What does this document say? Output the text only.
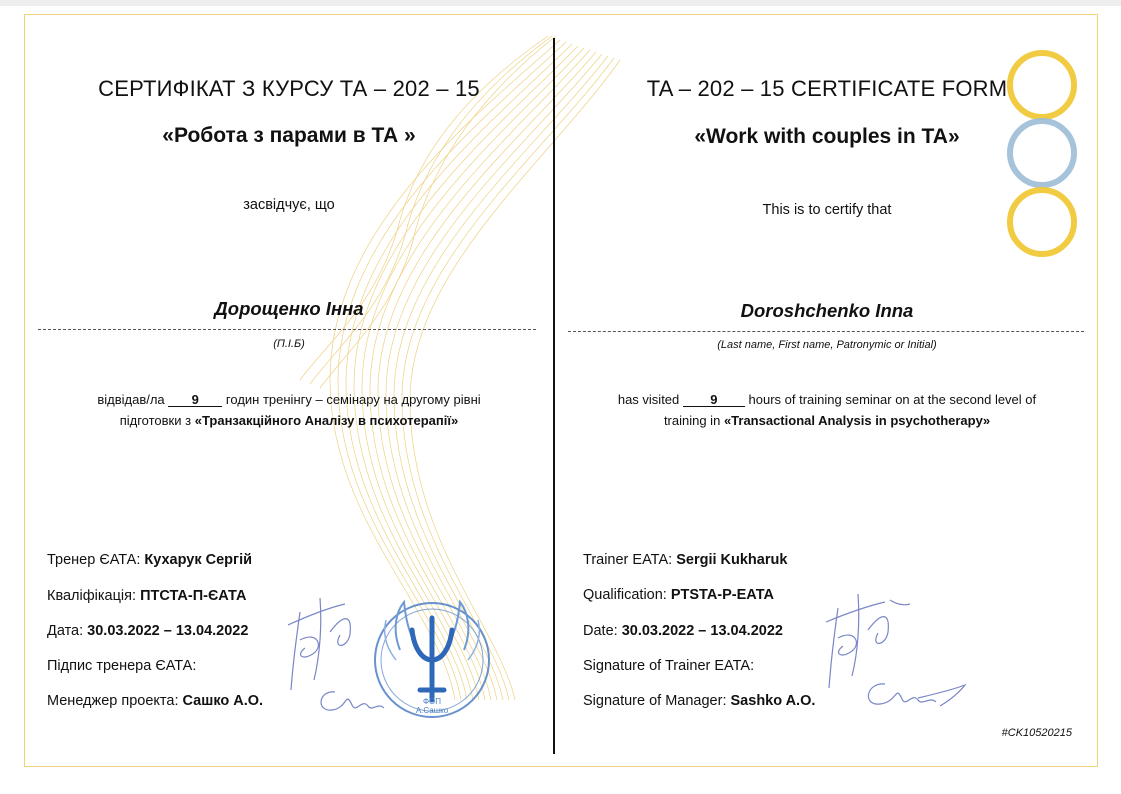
СЕРТИФІКАТ З КУРСУ ТА – 202 – 15
«Робота з парами в ТА »
засвідчує, що
Дорощенко Інна
(П.І.Б)
відвідав/ла 9 годин тренінгу – семінару на другому рівні
підготовки з «Транзакційного Аналізу в психотерапії»
Тренер ЄАТА: Кухарук Сергій
Кваліфікація: ПТСТА-П-ЄАТА
Дата: 30.03.2022 – 13.04.2022
Підпис тренера ЄАТА:
Менеджер проекта: Сашко А.О.	ФОП
А.Сашко
TA – 202 – 15 CERTIFICATE FORM
«Work with couples in TA»
This is to certify that
Doroshchenko Inna
(Last name, First name, Patronymic or Initial)
has visited 9 hours of training seminar on at the second level of
training in «Transactional Analysis in psychotherapy»
Trainer EATA: Sergii Kukharuk
Qualification: PTSTA-P-EATA
Date: 30.03.2022 – 13.04.2022
Signature of Trainer EATA:
Signature of Manager: Sashko A.O.
#CK10520215
